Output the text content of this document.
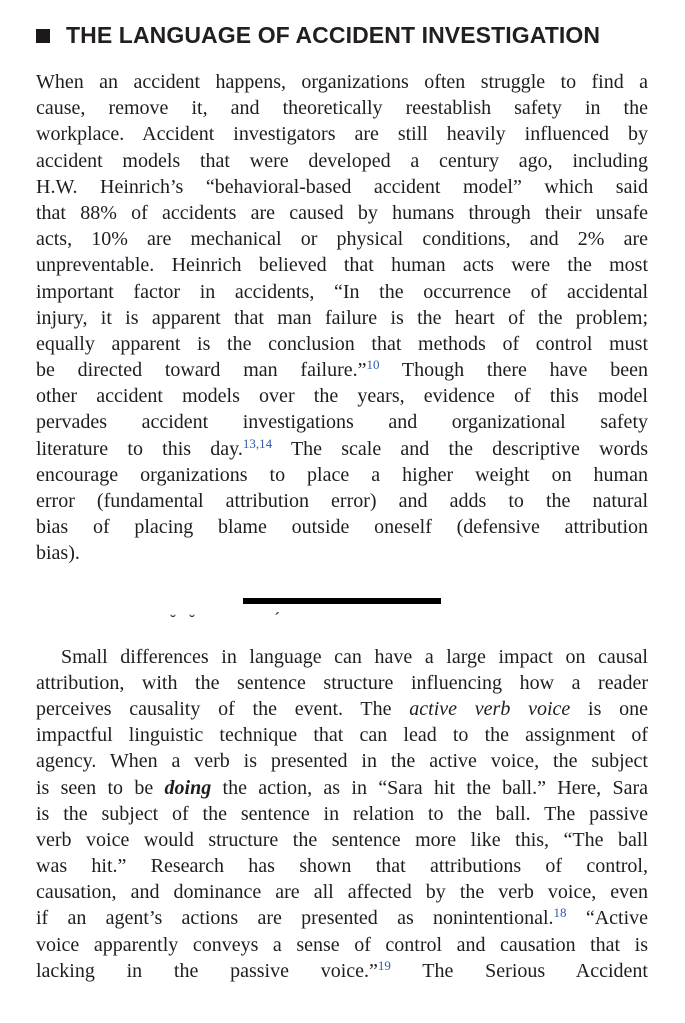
THE LANGUAGE OF ACCIDENT INVESTIGATION
When an accident happens, organizations often struggle to find a
cause, remove it, and theoretically reestablish safety in the
workplace. Accident investigators are still heavily influenced by
accident models that were developed a century ago, including
H.W. Heinrich’s “behavioral-based accident model” which said
that 88% of accidents are caused by humans through their unsafe
acts, 10% are mechanical or physical conditions, and 2% are
unpreventable. Heinrich believed that human acts were the most
important factor in accidents, “In the occurrence of accidental
injury, it is apparent that man failure is the heart of the problem;
equally apparent is the conclusion that methods of control must
be directed toward man failure.”$^{10}$ Though there have been
other accident models over the years, evidence of this model
pervades accident investigations and organizational safety
literature to this day.$^{13,14}$ The scale and the descriptive words
encourage organizations to place a higher weight on human
error (fundamental attribution error) and adds to the natural
bias of placing blame outside oneself (defensive attribution
bias).
˘ ˘	ˊ
Small differences in language can have a large impact on causal
attribution, with the sentence structure influencing how a reader
perceives causality of the event. The active verb voice is one
impactful linguistic technique that can lead to the assignment of
agency. When a verb is presented in the active voice, the subject
is seen to be doing the action, as in “Sara hit the ball.” Here, Sara
is the subject of the sentence in relation to the ball. The passive
verb voice would structure the sentence more like this, “The ball
was hit.” Research has shown that attributions of control,
causation, and dominance are all affected by the verb voice, even
if an agent’s actions are presented as nonintentional.$^{18}$ “Active
voice apparently conveys a sense of control and causation that is
lacking in the passive voice.”$^{19}$ The Serious Accident
